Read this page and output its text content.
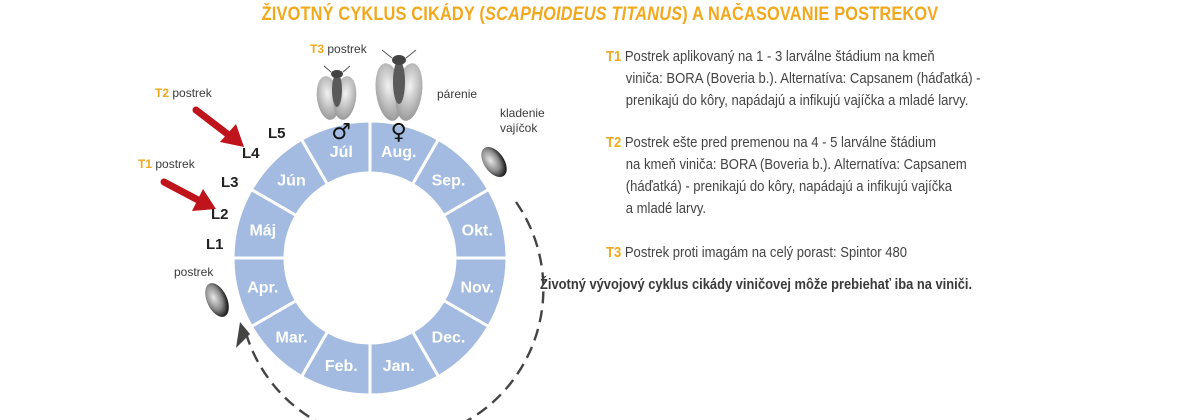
ŽIVOTNÝ CYKLUS CIKÁDY (SCAPHOIDEUS TITANUS) A NAČASOVANIE POSTREKOV
Aug.
♀
Sep.
Okt.
Nov.
Dec.
Jan.
Feb.
Mar.
Apr.
Máj
Jún
Júl
♂
T3 postrek
T2 postrek
T1 postrek
postrek
párenie
kladenie
vajíčok
L1
L2
L3
L4
L5
T1 Postrek aplikovaný na 1 - 3 larválne štádium na kmeň
viniča: BORA (Boveria b.). Alternatíva: Capsanem (háďatká) -
prenikajú do kôry, napádajú a infikujú vajíčka a mladé larvy.
T2 Postrek ešte pred premenou na 4 - 5 larválne štádium
na kmeň viniča: BORA (Boveria b.). Alternatíva: Capsanem
(háďatká) - prenikajú do kôry, napádajú a infikujú vajíčka
a mladé larvy.
T3 Postrek proti imagám na celý porast: Spintor 480
Životný vývojový cyklus cikády viničovej môže prebiehať iba na viniči.
